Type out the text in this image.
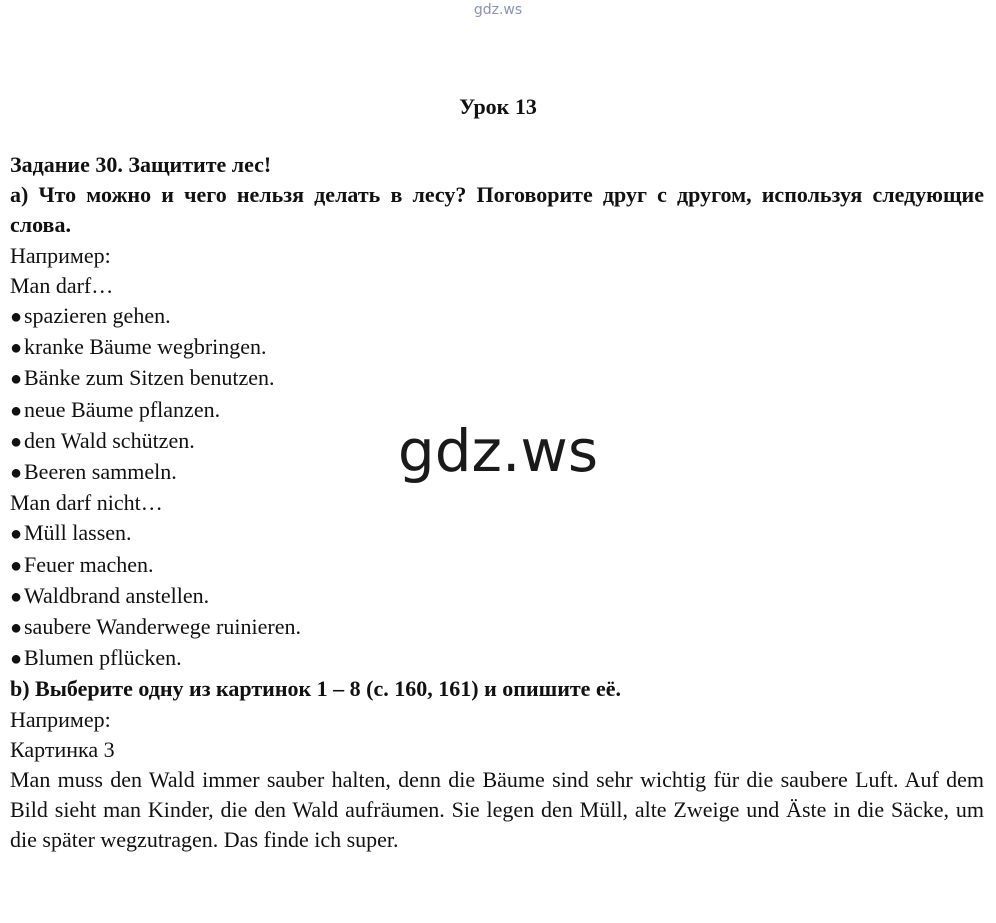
gdz.ws
Урок 13
Задание 30. Защитите лес!
a) Что можно и чего нельзя делать в лесу? Поговорите друг с другом, используя следующие слова.
Например:
Man darf…
●spazieren gehen.
●kranke Bäume wegbringen.
●Bänke zum Sitzen benutzen.
●neue Bäume pflanzen.
●den Wald schützen.
●Beeren sammeln.
Man darf nicht…
●Müll lassen.
●Feuer machen.
●Waldbrand anstellen.
●saubere Wanderwege ruinieren.
●Blumen pflücken.
b) Выберите одну из картинок 1 – 8 (с. 160, 161) и опишите её.
Например:
Картинка 3
Man muss den Wald immer sauber halten, denn die Bäume sind sehr wichtig für die saubere Luft. Auf dem Bild sieht man Kinder, die den Wald aufräumen. Sie legen den Müll, alte Zweige und Äste in die Säcke, um die später wegzutragen. Das finde ich super.
gdz.ws
